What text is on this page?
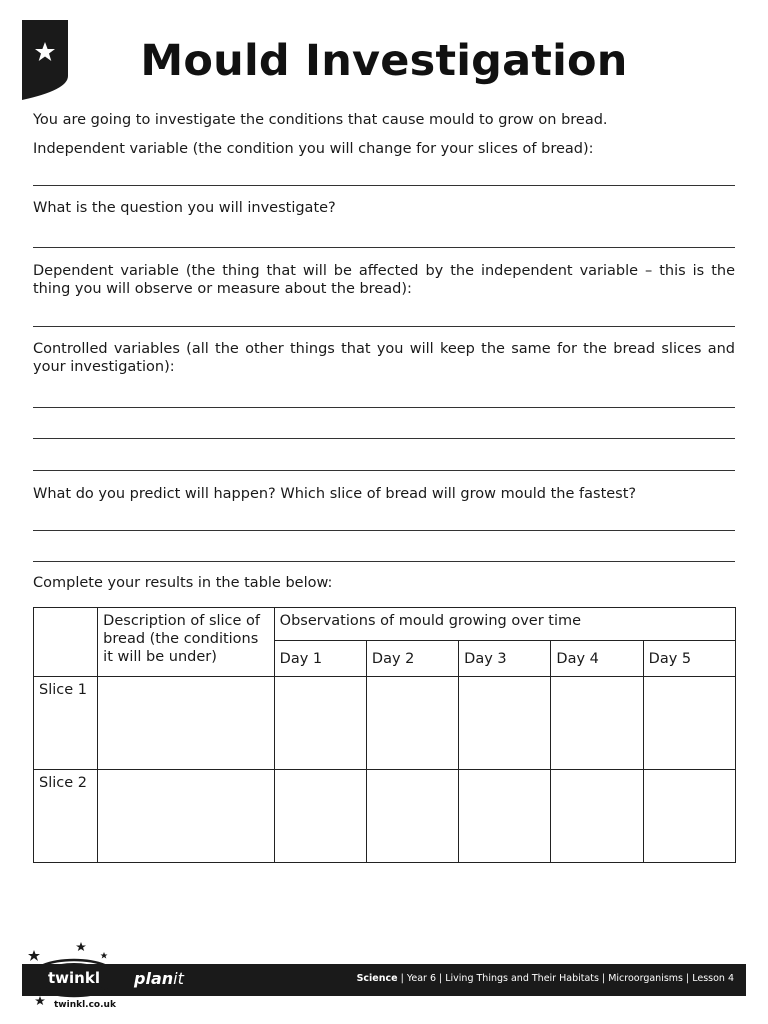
Mould Investigation
You are going to investigate the conditions that cause mould to grow on bread.
Independent variable (the condition you will change for your slices of bread):
What is the question you will investigate?
Dependent variable (the thing that will be affected by the independent variable – this is the thing you will observe or measure about the bread):
Controlled variables (all the other things that you will keep the same for the bread slices and your investigation):
What do you predict will happen? Which slice of bread will grow mould the fastest?
Complete your results in the table below:
	Description of slice of bread (the conditions it will be under)	Observations of mould growing over time				
		Day 1	Day 2	Day 3	Day 4	Day 5
Slice 1						
Slice 2						
planit	Science | Year 6 | Living Things and Their Habitats | Microorganisms | Lesson 4
twinkl
twinkl.co.uk
